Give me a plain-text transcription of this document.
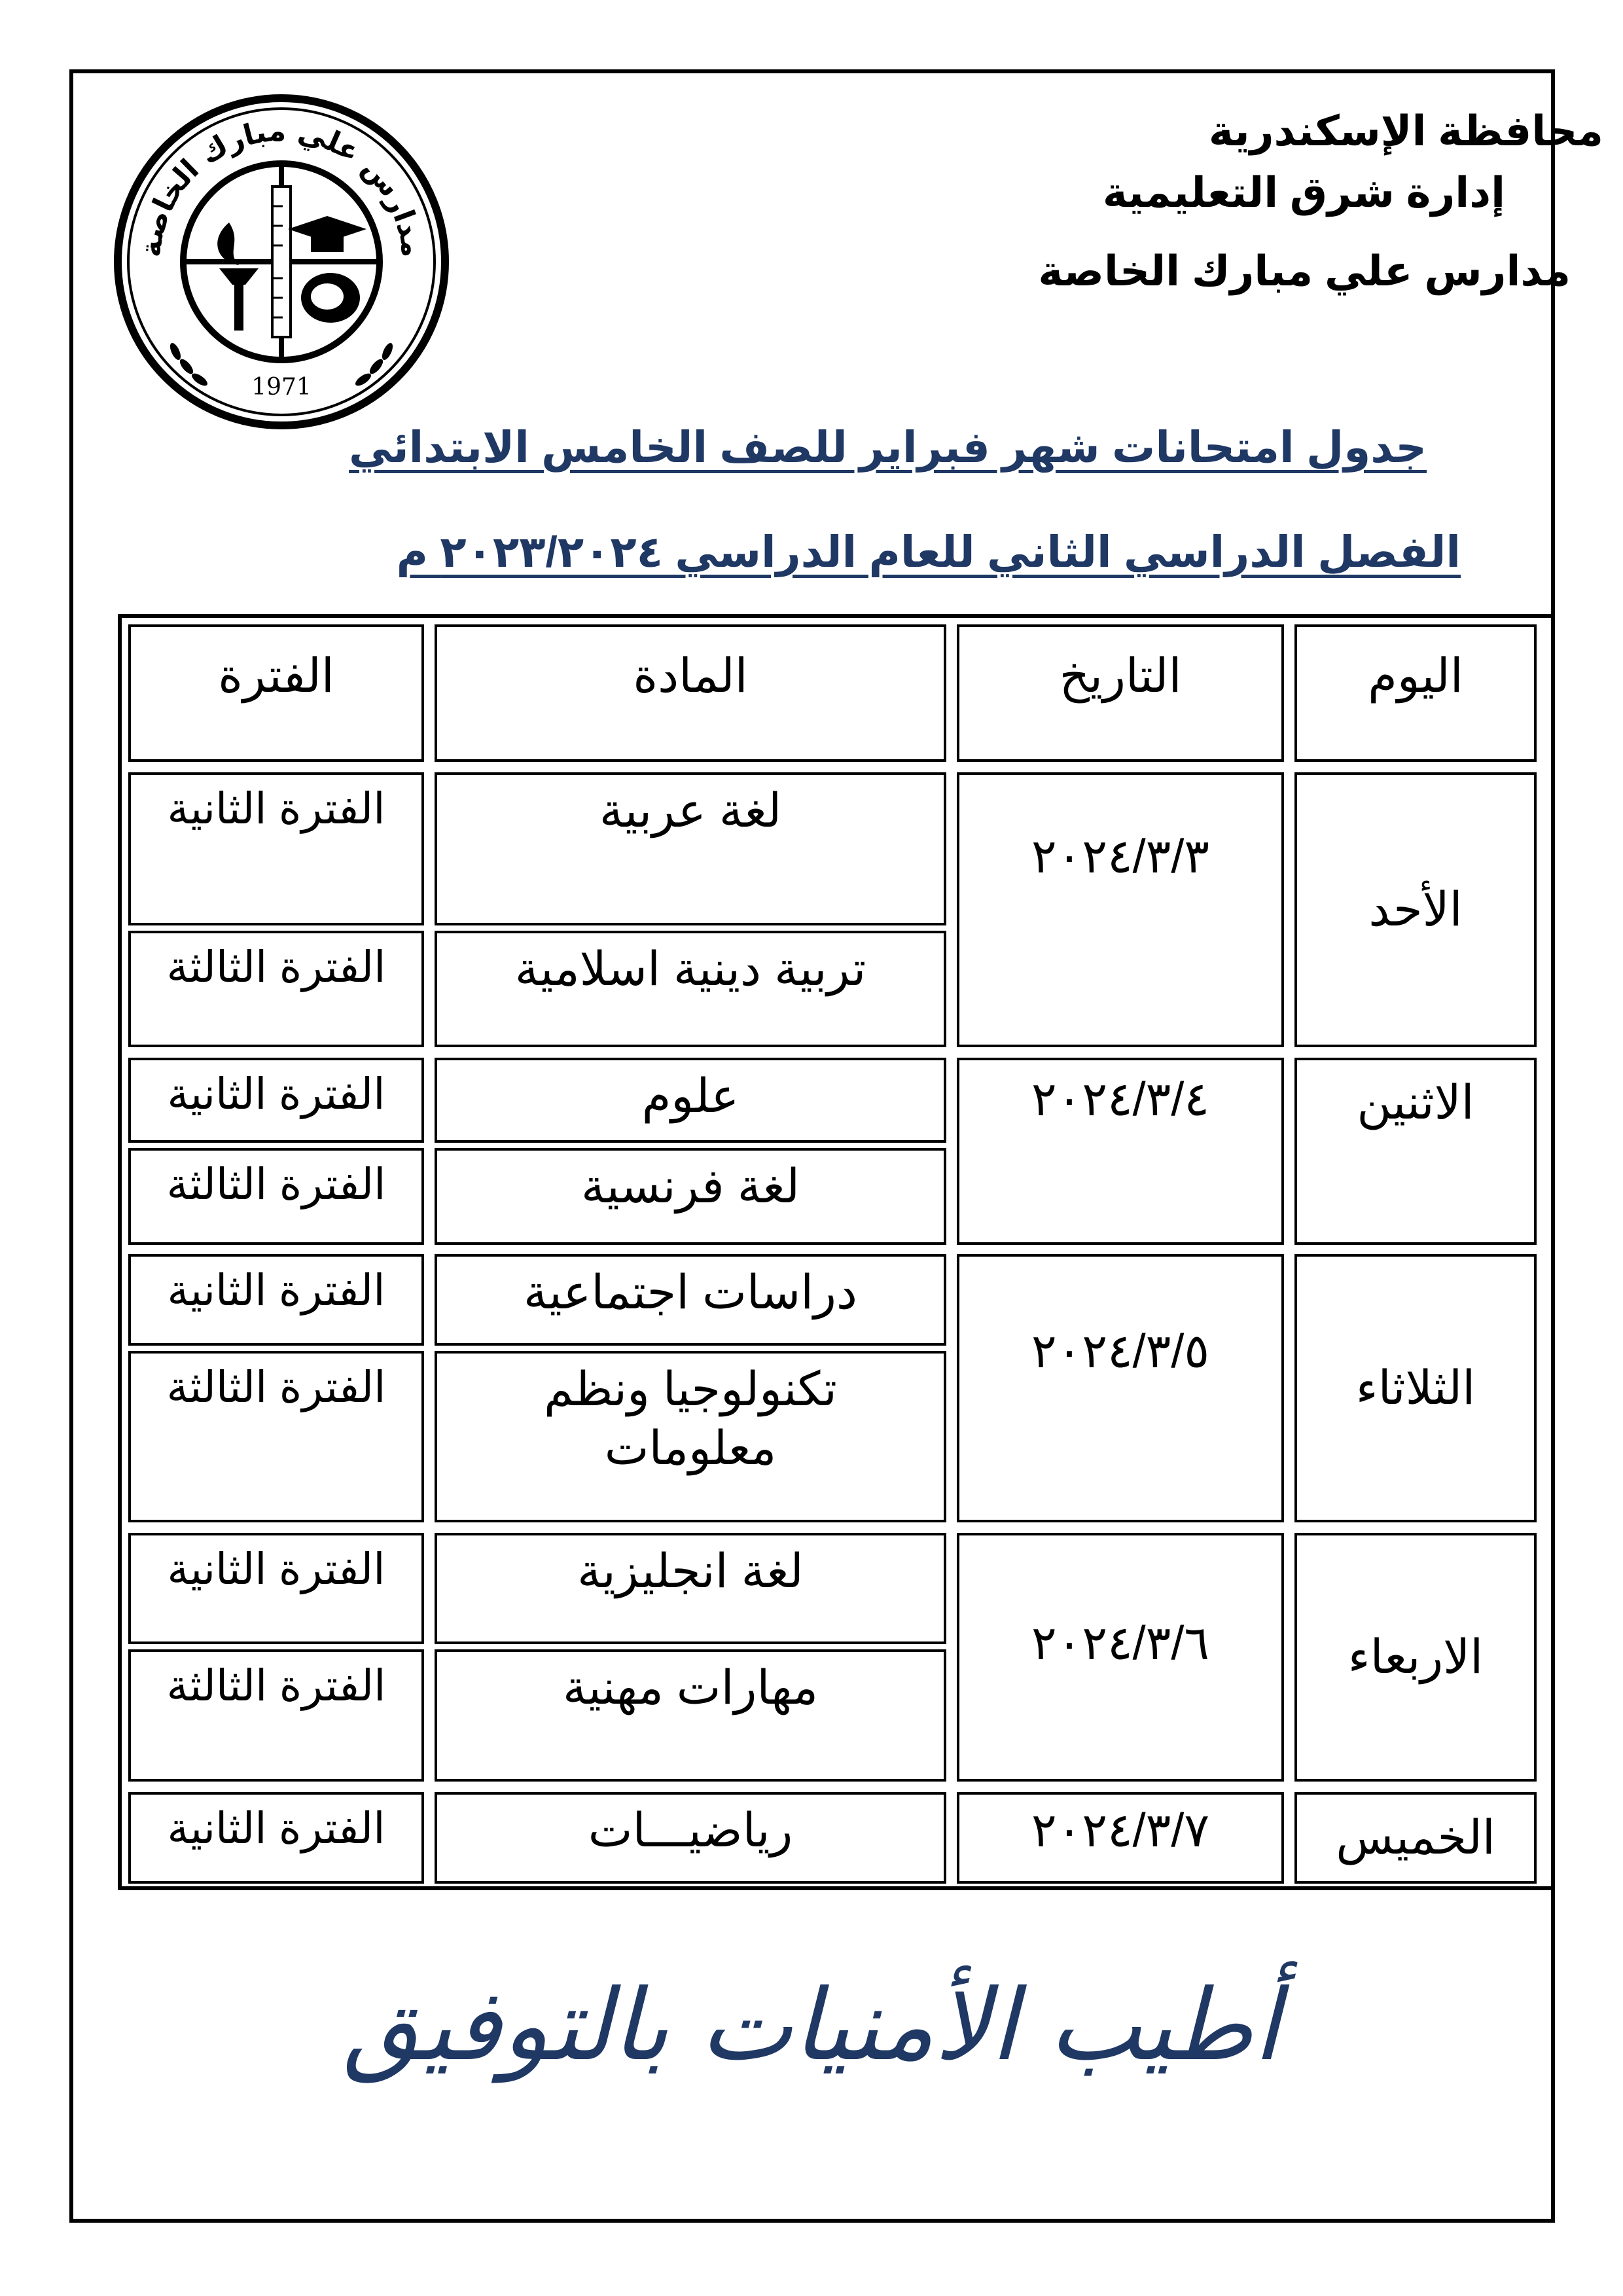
محافظة الإسكندرية
إدارة شرق التعليمية
مدارس علي مبارك الخاصة
مدارس علي مبارك الخاصة
1971
جدول امتحانات شهر فبراير للصف الخامس الابتدائي
الفصل الدراسي الثاني للعام الدراسي ٢٠٢٣/٢٠٢٤ م
اليوم
التاريخ
المادة
الفترة
الأحد
٢٠٢٤/٣/٣
لغة عربية
الفترة الثانية
تربية دينية اسلامية
الفترة الثالثة
الاثنين
٢٠٢٤/٣/٤
علوم
الفترة الثانية
لغة فرنسية
الفترة الثالثة
الثلاثاء
٢٠٢٤/٣/٥
دراسات اجتماعية
الفترة الثانية
تكنولوجيا ونظم معلومات
الفترة الثالثة
الاربعاء
٢٠٢٤/٣/٦
لغة انجليزية
الفترة الثانية
مهارات مهنية
الفترة الثالثة
الخميس
٢٠٢٤/٣/٧
رياضيـــات
الفترة الثانية
أطيب الأمنيات بالتوفيق
